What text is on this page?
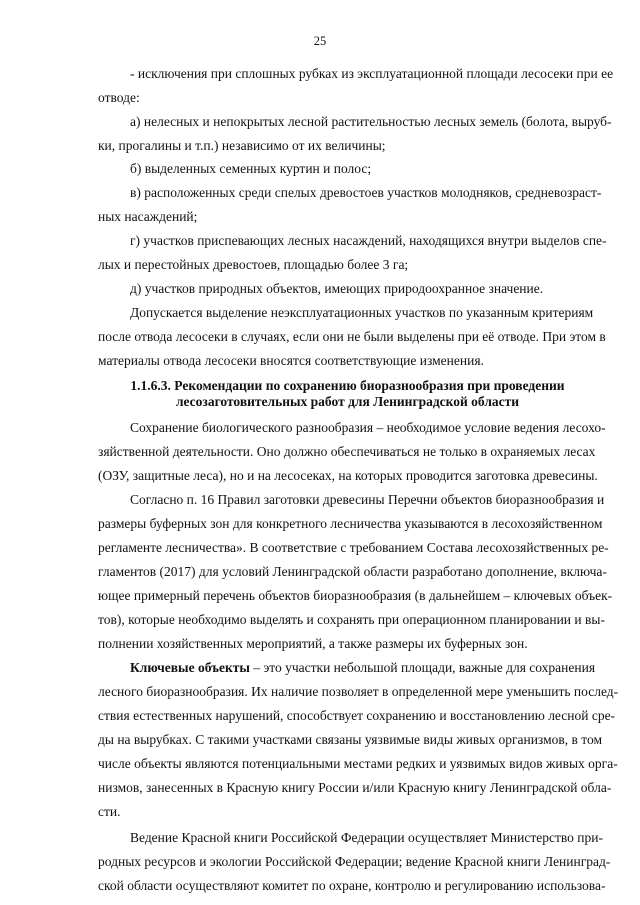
25
- исключения при сплошных рубках из эксплуатационной площади лесосеки при ее
отводе:
а) нелесных и непокрытых лесной растительностью лесных земель (болота, выруб-
ки, прогалины и т.п.) независимо от их величины;
б) выделенных семенных куртин и полос;
в) расположенных среди спелых древостоев участков молодняков, средневозраст-
ных насаждений;
г) участков приспевающих лесных насаждений, находящихся внутри выделов спе-
лых и перестойных древостоев, площадью более 3 га;
д) участков природных объектов, имеющих природоохранное значение.
Допускается выделение неэксплуатационных участков по указанным критериям
после отвода лесосеки в случаях, если они не были выделены при её отводе. При этом в
материалы отвода лесосеки вносятся соответствующие изменения.
1.1.6.3. Рекомендации по сохранению биоразнообразия при проведении
лесозаготовительных работ для Ленинградской области
Сохранение биологического разнообразия – необходимое условие ведения лесохо-
зяйственной деятельности. Оно должно обеспечиваться не только в охраняемых лесах
(ОЗУ, защитные леса), но и на лесосеках, на которых проводится заготовка древесины.
Согласно п. 16 Правил заготовки древесины Перечни объектов биоразнообразия и
размеры буферных зон для конкретного лесничества указываются в лесохозяйственном
регламенте лесничества». В соответствие с требованием Состава лесохозяйственных ре-
гламентов (2017) для условий Ленинградской области разработано дополнение, включа-
ющее примерный перечень объектов биоразнообразия (в дальнейшем – ключевых объек-
тов), которые необходимо выделять и сохранять при операционном планировании и вы-
полнении хозяйственных мероприятий, а также размеры их буферных зон.
Ключевые объекты – это участки небольшой площади, важные для сохранения
лесного биоразнообразия. Их наличие позволяет в определенной мере уменьшить послед-
ствия естественных нарушений, способствует сохранению и восстановлению лесной сре-
ды на вырубках. С такими участками связаны уязвимые виды живых организмов, в том
числе объекты являются потенциальными местами редких и уязвимых видов живых орга-
низмов, занесенных в Красную книгу России и/или Красную книгу Ленинградской обла-
сти.
Ведение Красной книги Российской Федерации осуществляет Министерство при-
родных ресурсов и экологии Российской Федерации; ведение Красной книги Ленинград-
ской области осуществляют комитет по охране, контролю и регулированию использова-
